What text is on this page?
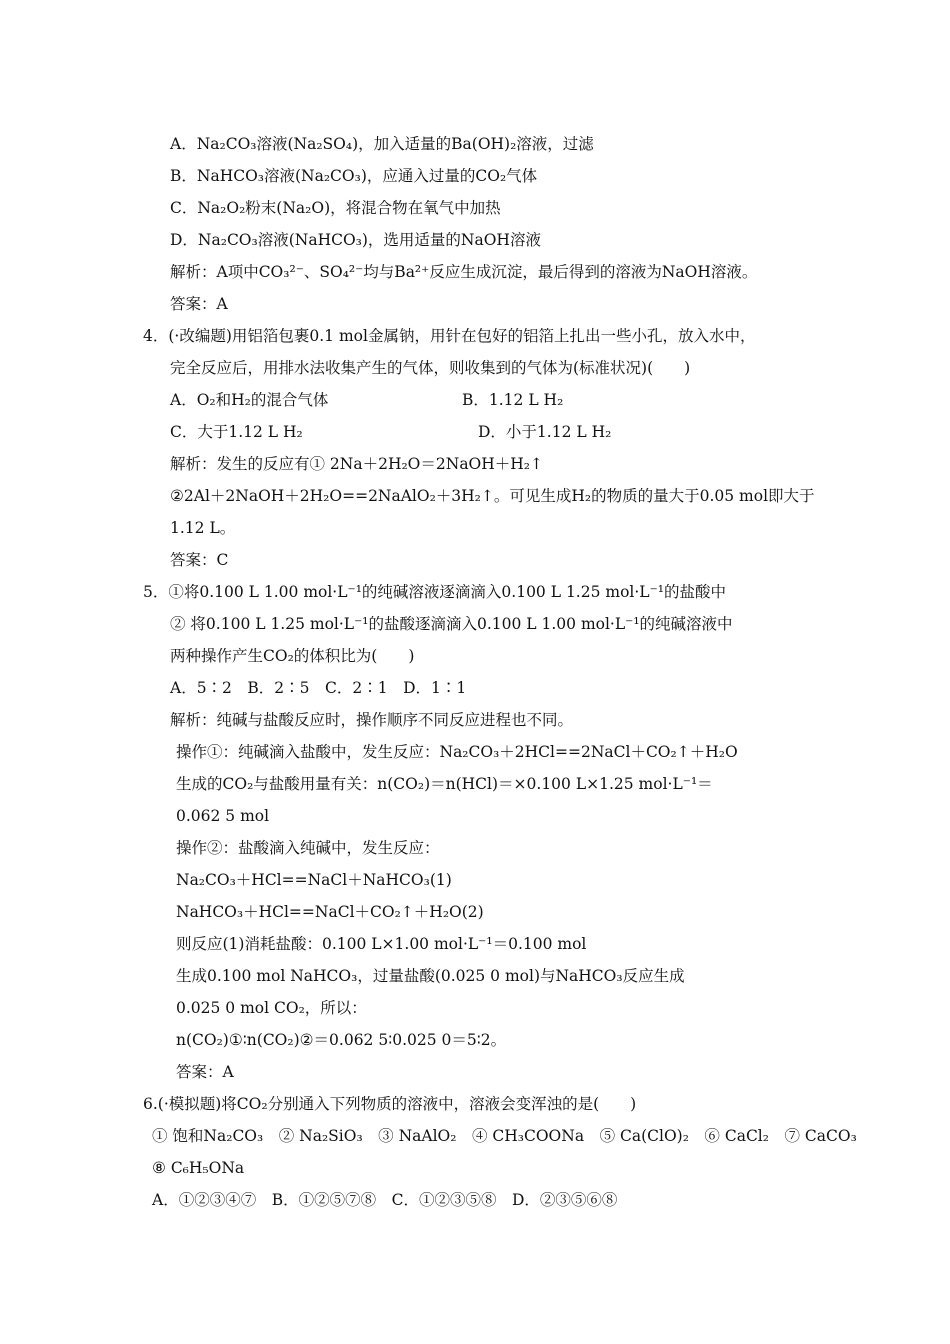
A．Na₂CO₃溶液(Na₂SO₄)，加入适量的Ba(OH)₂溶液，过滤
B．NaHCO₃溶液(Na₂CO₃)，应通入过量的CO₂气体
C．Na₂O₂粉末(Na₂O)，将混合物在氧气中加热
D．Na₂CO₃溶液(NaHCO₃)，选用适量的NaOH溶液
解析：A项中CO₃²⁻、SO₄²⁻均与Ba²⁺反应生成沉淀，最后得到的溶液为NaOH溶液。
答案：A
4．(·改编题)用铝箔包裹0.1 mol金属钠，用针在包好的铝箔上扎出一些小孔，放入水中，
完全反应后，用排水法收集产生的气体，则收集到的气体为(标准状况)(　　)
A．O₂和H₂的混合气体	B．1.12 L H₂
C．大于1.12 L H₂	D．小于1.12 L H₂
解析：发生的反应有① 2Na＋2H₂O＝2NaOH＋H₂↑
②2Al＋2NaOH＋2H₂O==2NaAlO₂＋3H₂↑。可见生成H₂的物质的量大于0.05 mol即大于
1.12 L。
答案：C
5．①将0.100 L 1.00 mol·L⁻¹的纯碱溶液逐滴滴入0.100 L 1.25 mol·L⁻¹的盐酸中
② 将0.100 L 1.25 mol·L⁻¹的盐酸逐滴滴入0.100 L 1.00 mol·L⁻¹的纯碱溶液中
两种操作产生CO₂的体积比为(　　)
A．5∶2　B．2∶5　C．2∶1　D．1∶1
解析：纯碱与盐酸反应时，操作顺序不同反应进程也不同。
操作①：纯碱滴入盐酸中，发生反应：Na₂CO₃＋2HCl==2NaCl＋CO₂↑＋H₂O
生成的CO₂与盐酸用量有关：n(CO₂)＝n(HCl)＝×0.100 L×1.25 mol·L⁻¹＝
0.062 5 mol
操作②：盐酸滴入纯碱中，发生反应：
Na₂CO₃＋HCl==NaCl＋NaHCO₃(1)
NaHCO₃＋HCl==NaCl＋CO₂↑＋H₂O(2)
则反应(1)消耗盐酸：0.100 L×1.00 mol·L⁻¹＝0.100 mol
生成0.100 mol NaHCO₃，过量盐酸(0.025 0 mol)与NaHCO₃反应生成
0.025 0 mol CO₂，所以：
n(CO₂)①∶n(CO₂)②＝0.062 5∶0.025 0＝5∶2。
答案：A
6.(·模拟题)将CO₂分别通入下列物质的溶液中，溶液会变浑浊的是(　　)
① 饱和Na₂CO₃　② Na₂SiO₃　③ NaAlO₂　④ CH₃COONa　⑤ Ca(ClO)₂　⑥ CaCl₂　⑦ CaCO₃
⑧ C₆H₅ONa
A．①②③④⑦　B．①②⑤⑦⑧　C．①②③⑤⑧　D．②③⑤⑥⑧
